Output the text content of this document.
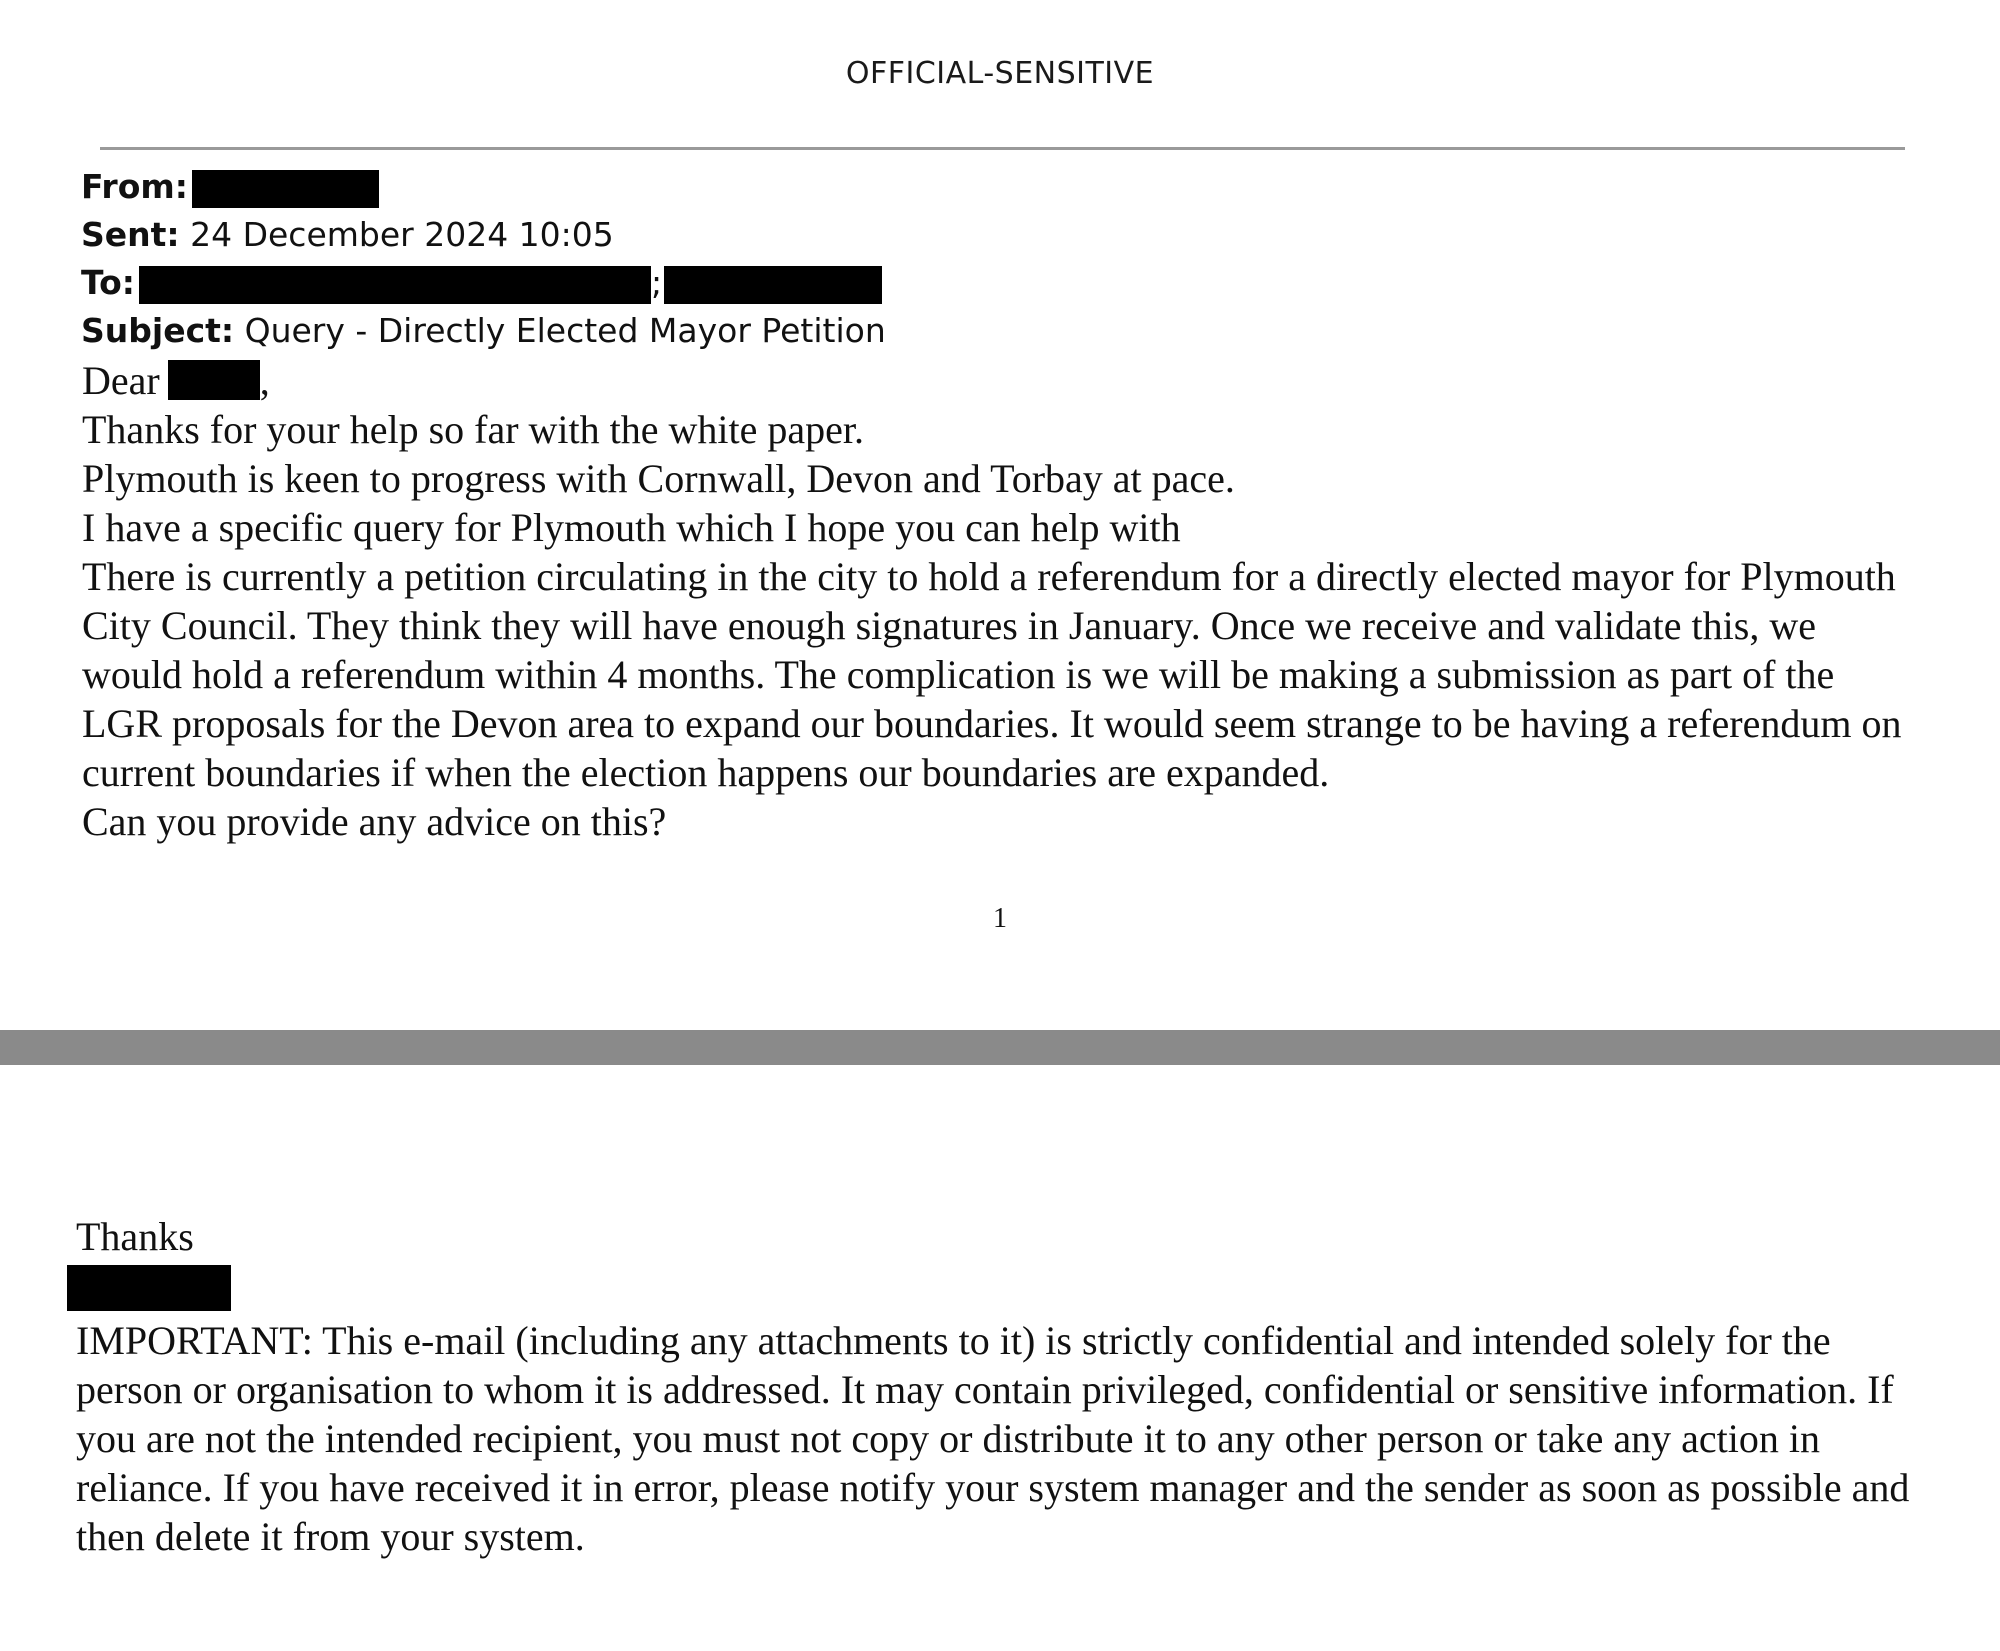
OFFICIAL-SENSITIVE
From:
Sent: 24 December 2024 10:05
To:	;
Subject: Query - Directly Elected Mayor Petition

Dear	,

Thanks for your help so far with the white paper.

Plymouth is keen to progress with Cornwall, Devon and Torbay at pace.

I have a specific query for Plymouth which I hope you can help with

There is currently a petition circulating in the city to hold a referendum for a directly elected mayor for Plymouth City Council. They think they will have enough signatures in January. Once we receive and validate this, we would hold a referendum within 4 months. The complication is we will be making a submission as part of the LGR proposals for the Devon area to expand our boundaries. It would seem strange to be having a referendum on current boundaries if when the election happens our boundaries are expanded.

Can you provide any advice on this?

1
Thanks
IMPORTANT: This e-mail (including any attachments to it) is strictly confidential and intended solely for the person or organisation to whom it is addressed. It may contain privileged, confidential or sensitive information. If you are not the intended recipient, you must not copy or distribute it to any other person or take any action in reliance. If you have received it in error, please notify your system manager and the sender as soon as possible and then delete it from your system.
